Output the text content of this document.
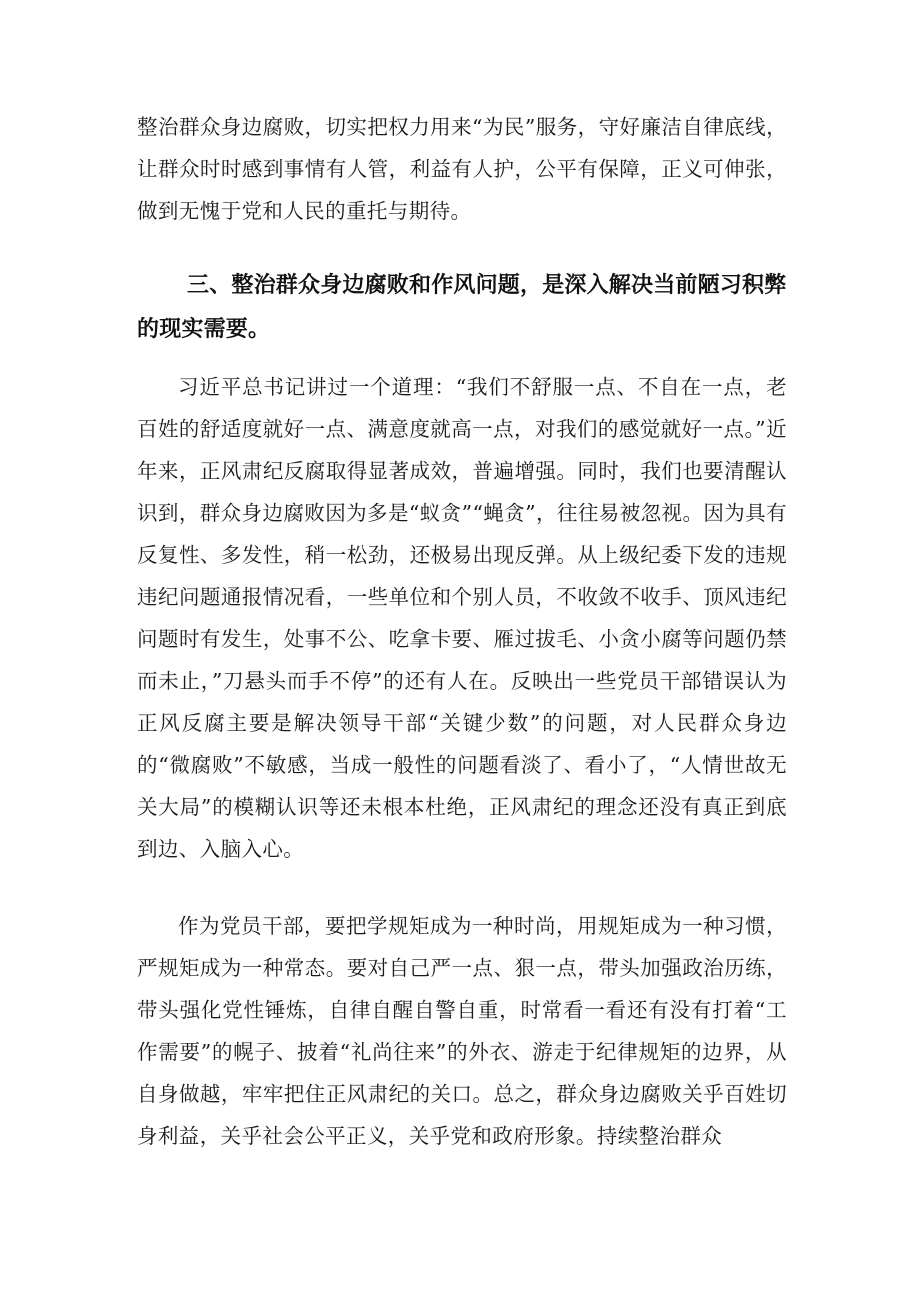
整治群众身边腐败，切实把权力用来“为民”服务，守好廉洁自律底线，让群众时时感到事情有人管，利益有人护，公平有保障，正义可伸张，做到无愧于党和人民的重托与期待。

三、整治群众身边腐败和作风问题，是深入解决当前陋习积弊的现实需要。

习近平总书记讲过一个道理：“我们不舒服一点、不自在一点，老百姓的舒适度就好一点、满意度就高一点，对我们的感觉就好一点。”近年来，正风肃纪反腐取得显著成效，普遍增强。同时，我们也要清醒认识到，群众身边腐败因为多是“蚁贪”“蝇贪”，往往易被忽视。因为具有反复性、多发性，稍一松劲，还极易出现反弹。从上级纪委下发的违规违纪问题通报情况看，一些单位和个别人员，不收敛不收手、顶风违纪问题时有发生，处事不公、吃拿卡要、雁过拔毛、小贪小腐等问题仍禁而未止，”刀悬头而手不停”的还有人在。反映出一些党员干部错误认为正风反腐主要是解决领导干部“关键少数”的问题，对人民群众身边的“微腐败”不敏感，当成一般性的问题看淡了、看小了，“人情世故无关大局”的模糊认识等还未根本杜绝，正风肃纪的理念还没有真正到底到边、入脑入心。

作为党员干部，要把学规矩成为一种时尚，用规矩成为一种习惯，严规矩成为一种常态。要对自己严一点、狠一点，带头加强政治历练，带头强化党性锤炼，自律自醒自警自重，时常看一看还有没有打着“工作需要”的幌子、披着“礼尚往来”的外衣、游走于纪律规矩的边界，从自身做越，牢牢把住正风肃纪的关口。总之，群众身边腐败关乎百姓切身利益，关乎社会公平正义，关乎党和政府形象。持续整治群众
